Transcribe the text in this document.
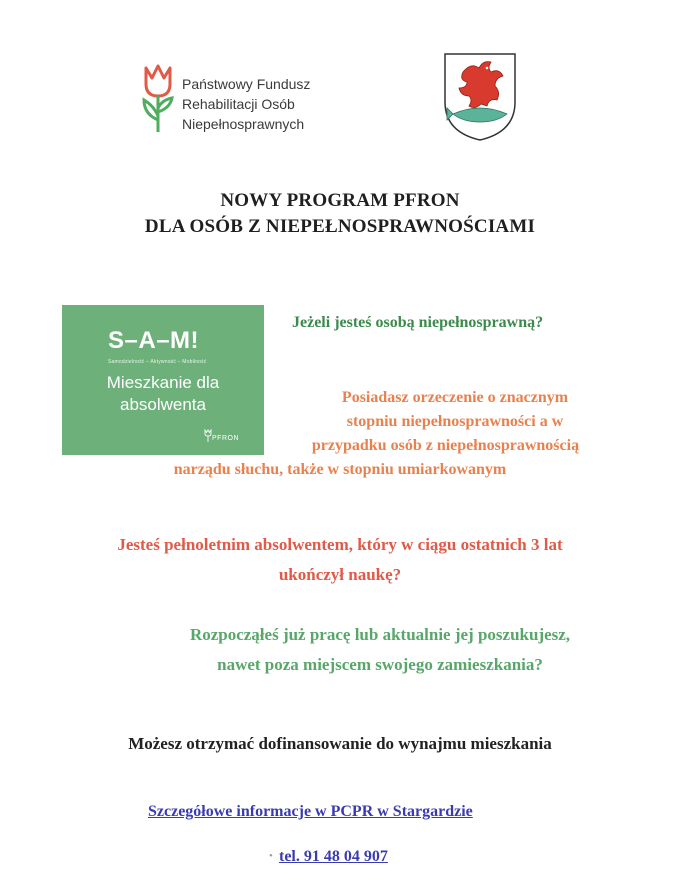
Państwowy Fundusz
Rehabilitacji Osób
Niepełnosprawnych
NOWY PROGRAM PFRON
DLA OSÓB Z NIEPEŁNOSPRAWNOŚCIAMI
S–A–M!
Samodzielność – Aktywność – Mobilność
Mieszkanie dla
absolwenta
PFRON
Jeżeli jesteś osobą niepełnosprawną?
Posiadasz orzeczenie o znacznym
stopniu niepełnosprawności a w
przypadku osób z niepełnosprawnością
narządu słuchu, także w stopniu umiarkowanym
Jesteś pełnoletnim absolwentem, który w ciągu ostatnich 3 lat
ukończył naukę?
Rozpocząłeś już pracę lub aktualnie jej poszukujesz,
nawet poza miejscem swojego zamieszkania?
Możesz otrzymać dofinansowanie do wynajmu mieszkania
Szczegółowe informacje w PCPR w Stargardzie
• tel. 91 48 04 907
